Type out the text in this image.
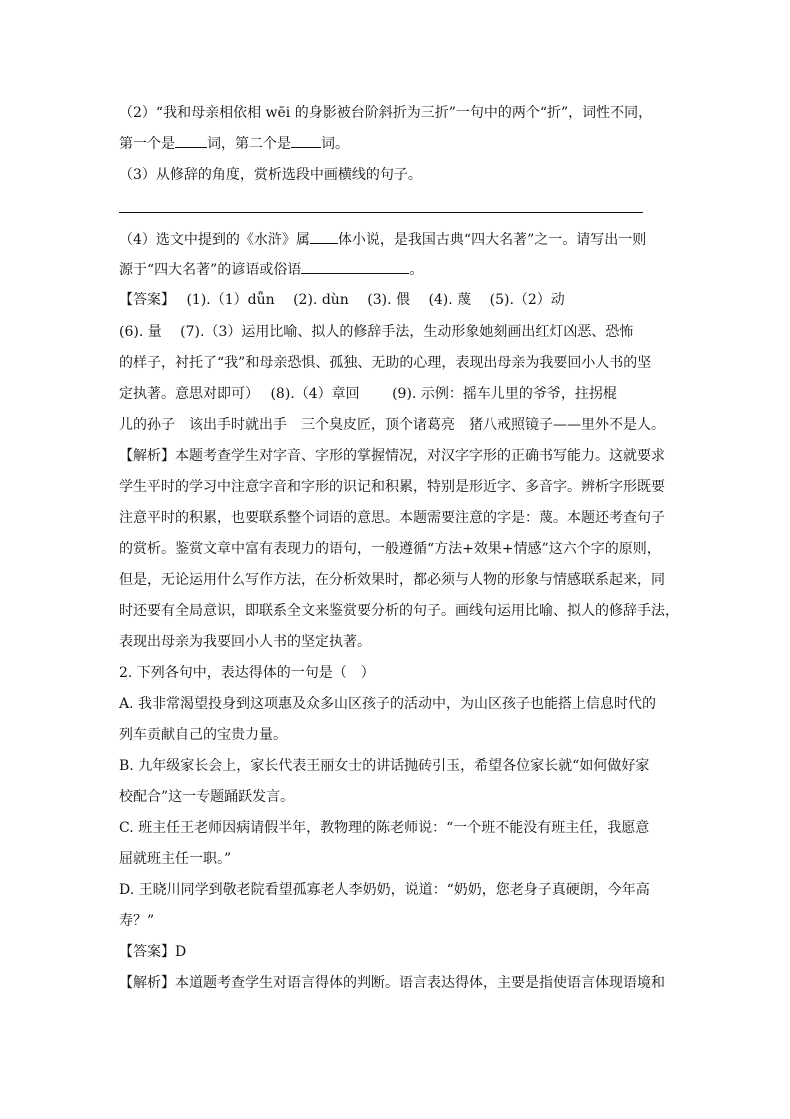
（2）“我和母亲相依相 wēi 的身影被台阶斜折为三折”一句中的两个“折”，词性不同，
第一个是 词，第二个是 词。
（3）从修辞的角度，赏析选段中画横线的句子。
（4）选文中提到的《水浒》属 体小说，是我国古典“四大名著”之一。请写出一则
源于“四大名著”的谚语或俗语	。
【答案】　 (1).（1）dǖn　 (2). dùn　 (3). 偎　 (4). 蔑　 (5).（2）动
(6). 量　 (7).（3）运用比喻、拟人的修辞手法，生动形象她刻画出红灯凶恶、恐怖
的样子，衬托了“我”和母亲恐惧、孤独、无助的心理，表现出母亲为我要回小人书的坚
定执著。意思对即可）　 (8).（4）章回　　 (9). 示例：摇车儿里的爷爷，拄拐棍
儿的孙子　该出手时就出手　三个臭皮匠，顶个诸葛亮　猪八戒照镜子——里外不是人。
【解析】本题考查学生对字音、字形的掌握情况，对汉字字形的正确书写能力。这就要求
学生平时的学习中注意字音和字形的识记和积累，特别是形近字、多音字。辨析字形既要
注意平时的积累，也要联系整个词语的意思。本题需要注意的字是：蔑。本题还考查句子
的赏析。鉴赏文章中富有表现力的语句，一般遵循“方法+效果+情感”这六个字的原则，
但是，无论运用什么写作方法，在分析效果时，都必须与人物的形象与情感联系起来，同
时还要有全局意识，即联系全文来鉴赏要分析的句子。画线句运用比喻、拟人的修辞手法，
表现出母亲为我要回小人书的坚定执著。
2. 下列各句中，表达得体的一句是（　）
A. 我非常渴望投身到这项惠及众多山区孩子的活动中，为山区孩子也能搭上信息时代的
列车贡献自己的宝贵力量。
B. 九年级家长会上，家长代表王丽女士的讲话抛砖引玉，希望各位家长就“如何做好家
校配合”这一专题踊跃发言。
C. 班主任王老师因病请假半年，教物理的陈老师说：“一个班不能没有班主任，我愿意
屈就班主任一职。”
D. 王晓川同学到敬老院看望孤寡老人李奶奶，说道：“奶奶，您老身子真硬朗，今年高
寿？”
【答案】D
【解析】本道题考查学生对语言得体的判断。语言表达得体，主要是指使语言体现语境和
